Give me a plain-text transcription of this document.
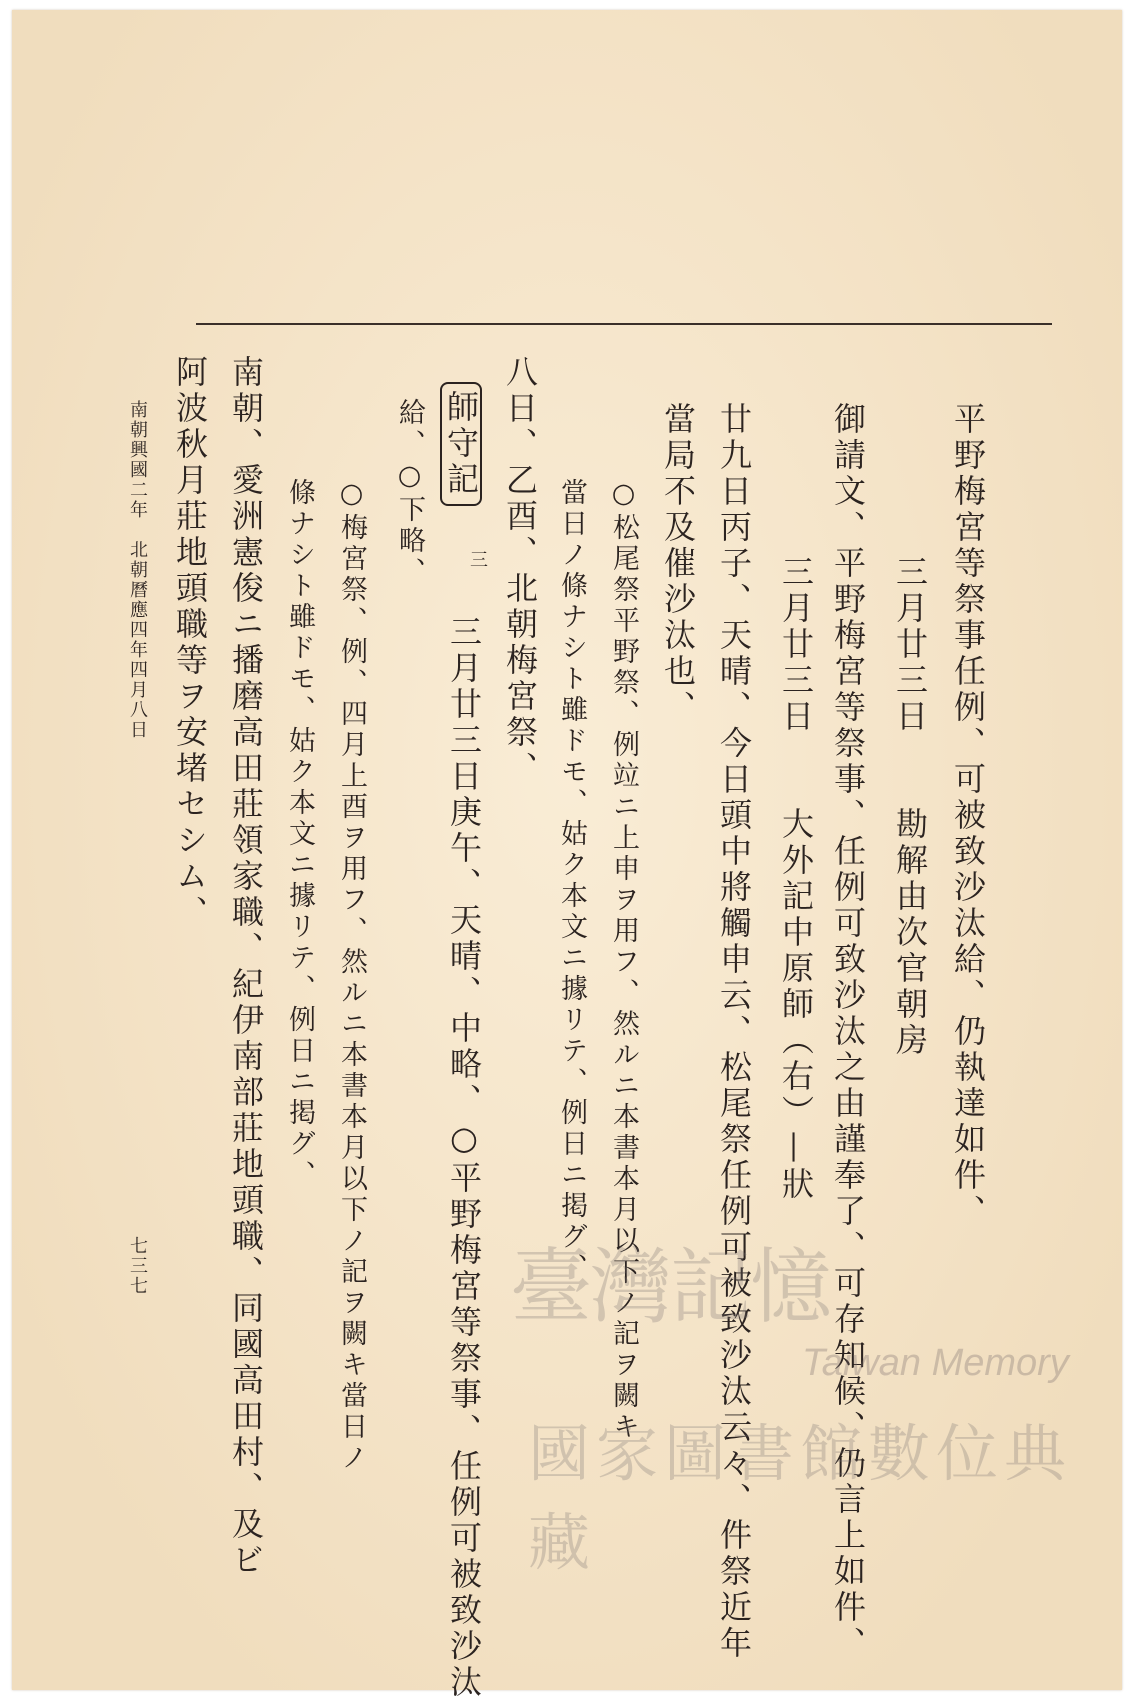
平野梅宮等祭事任例、可被致沙汰給、仍執達如件、
三月廿三日　　勘解由次官朝房
御請文、平野梅宮等祭事、任例可致沙汰之由謹奉了、可存知候、仍言上如件、
三月廿三日　　大外記中原師（右）—狀
廿九日丙子、天晴、今日頭中將觸申云、松尾祭任例可被致沙汰云々、件祭近年
當局不及催沙汰也、
○松尾祭平野祭、例竝ニ上申ヲ用フ、然ルニ本書本月以下ノ記ヲ闕キ
當日ノ條ナシト雖ドモ、姑ク本文ニ據リテ、例日ニ掲グ、
八日、乙酉、北朝梅宮祭、
師守記
三
三月廿三日庚午、天晴、中略、○平野梅宮等祭事、任例可被致沙汰
給、○下略、
○梅宮祭、例、四月上酉ヲ用フ、然ルニ本書本月以下ノ記ヲ闕キ當日ノ
條ナシト雖ドモ、姑ク本文ニ據リテ、例日ニ掲グ、
南朝、愛洲憲俊ニ播磨高田莊領家職、紀伊南部莊地頭職、同國高田村、及ビ
阿波秋月莊地頭職等ヲ安堵セシム、
南朝興國二年　北朝曆應四年四月八日
七三七	臺灣記憶
Taiwan Memory
國家圖書館數位典藏
